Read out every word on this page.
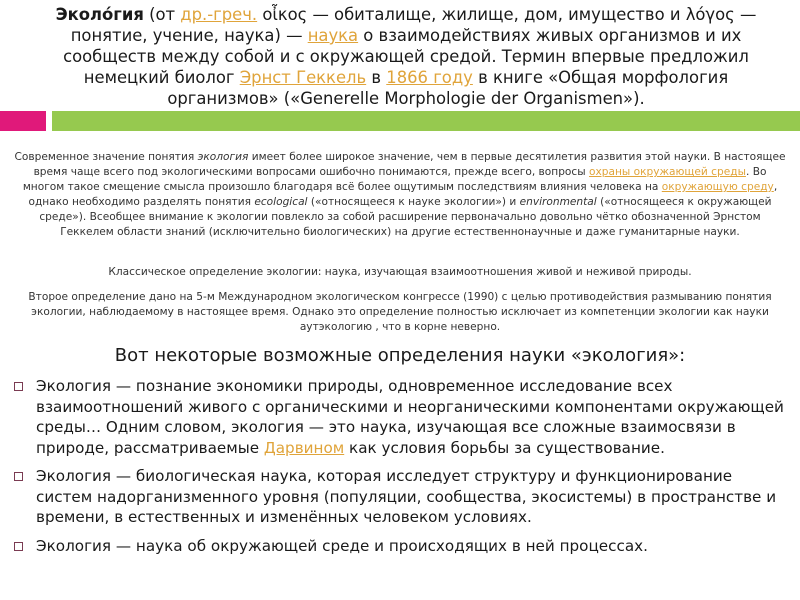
Эколо́гия (от др.-греч. οἶκος — обиталище, жилище, дом, имущество и λόγος — понятие, учение, наука) — наука о взаимодействиях живых организмов и их сообществ между собой и с окружающей средой. Термин впервые предложил немецкий биолог Эрнст Геккель в 1866 году в книге «Общая морфология организмов» («Generelle Morphologie der Organismen»).

Современное значение понятия экология имеет более широкое значение, чем в первые десятилетия развития этой науки. В настоящее время чаще всего под экологическими вопросами ошибочно понимаются, прежде всего, вопросы охраны окружающей среды. Во многом такое смещение смысла произошло благодаря всё более ощутимым последствиям влияния человека на окружающую среду, однако необходимо разделять понятия ecological («относящееся к науке экологии») и environmental («относящееся к окружающей среде»). Всеобщее внимание к экологии повлекло за собой расширение первоначально довольно чётко обозначенной Эрнстом Геккелем области знаний (исключительно биологических) на другие естественнонаучные и даже гуманитарные науки.

Классическое определение экологии: наука, изучающая взаимоотношения живой и неживой природы.

Второе определение дано на 5-м Международном экологическом конгрессе (1990) с целью противодействия размыванию понятия экологии, наблюдаемому в настоящее время. Однако это определение полностью исключает из компетенции экологии как науки аутэкологию , что в корне неверно.

Вот некоторые возможные определения науки «экология»:
Экология — познание экономики природы, одновременное исследование всех взаимоотношений живого с органическими и неорганическими компонентами окружающей среды… Одним словом, экология — это наука, изучающая все сложные взаимосвязи в природе, рассматриваемые Дарвином как условия борьбы за существование.
Экология — биологическая наука, которая исследует структуру и функционирование систем надорганизменного уровня (популяции, сообщества, экосистемы) в пространстве и времени, в естественных и изменённых человеком условиях.
Экология — наука об окружающей среде и происходящих в ней процессах.
